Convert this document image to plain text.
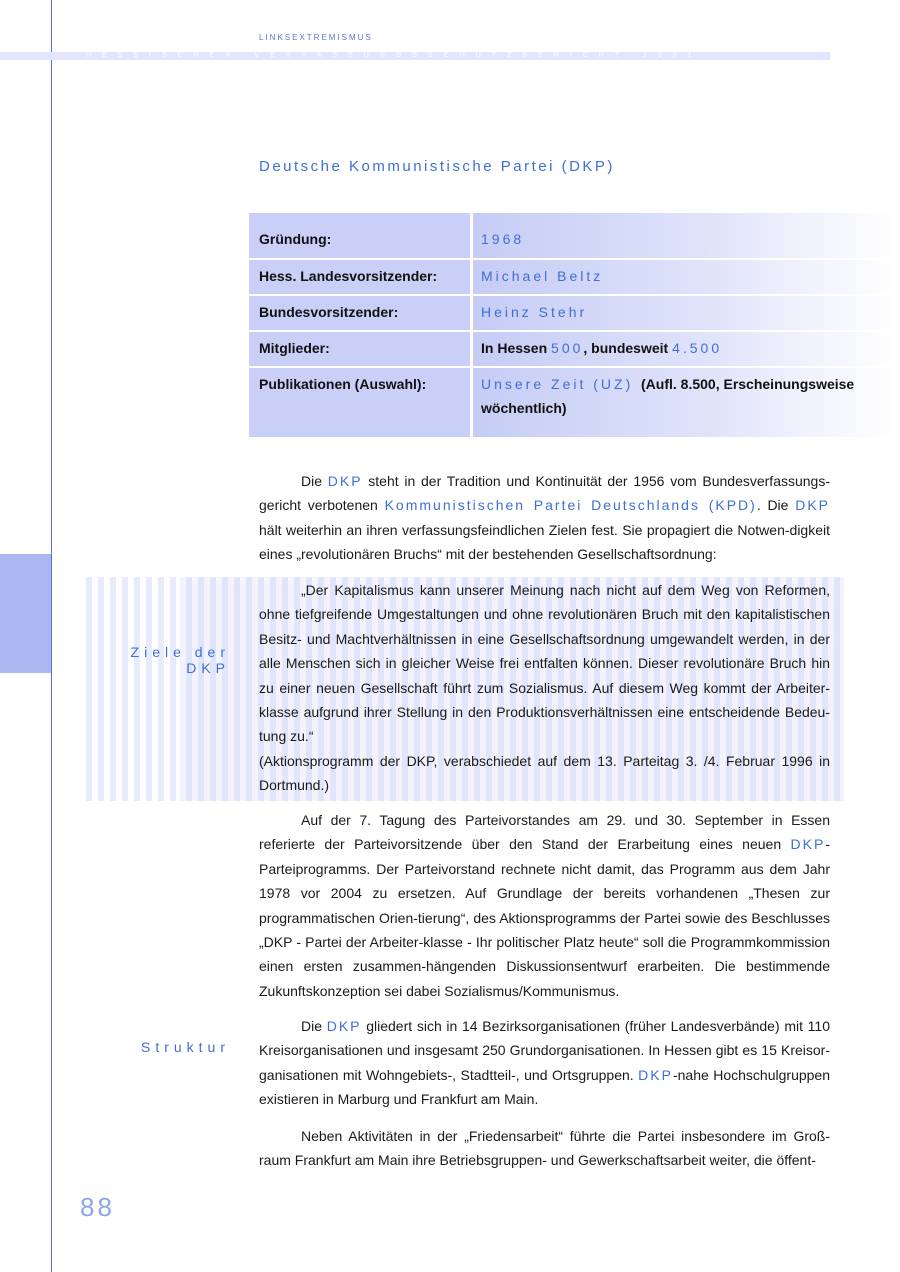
LINKSEXTREMISMUS
HESSISCHER VERFASSUNGSSCHUTZBERICHT 2001
Deutsche Kommunistische Partei (DKP)
Gründung:	1968
Hess. Landesvorsitzender:	Michael Beltz
Bundesvorsitzender:	Heinz Stehr
Mitglieder:	In Hessen 500, bundesweit 4.500
Publikationen (Auswahl):	Unsere Zeit (UZ) (Aufl. 8.500, Erscheinungsweise wöchentlich)
Die DKP steht in der Tradition und Kontinuität der 1956 vom Bundesverfassungs-gericht verbotenen Kommunistischen Partei Deutschlands (KPD). Die DKP hält weiterhin an ihren verfassungsfeindlichen Zielen fest. Sie propagiert die Notwen-digkeit eines „revolutionären Bruchs“ mit der bestehenden Gesellschaftsordnung:
Ziele der DKP
„Der Kapitalismus kann unserer Meinung nach nicht auf dem Weg von Reformen, ohne tiefgreifende Umgestaltungen und ohne revolutionären Bruch mit den kapitalistischen Besitz- und Machtverhältnissen in eine Gesellschaftsordnung umgewandelt werden, in der alle Menschen sich in gleicher Weise frei entfalten können. Dieser revolutionäre Bruch hin zu einer neuen Gesellschaft führt zum Sozialismus. Auf diesem Weg kommt der Arbeiter-klasse aufgrund ihrer Stellung in den Produktionsverhältnissen eine entscheidende Bedeu-tung zu.“
(Aktionsprogramm der DKP, verabschiedet auf dem 13. Parteitag 3. /4. Februar 1996 in Dortmund.)
Auf der 7. Tagung des Parteivorstandes am 29. und 30. September in Essen referierte der Parteivorsitzende über den Stand der Erarbeitung eines neuen DKP-Parteiprogramms. Der Parteivorstand rechnete nicht damit, das Programm aus dem Jahr 1978 vor 2004 zu ersetzen. Auf Grundlage der bereits vorhandenen „Thesen zur programmatischen Orien-tierung“, des Aktionsprogramms der Partei sowie des Beschlusses „DKP - Partei der Arbeiter-klasse - Ihr politischer Platz heute“ soll die Programmkommission einen ersten zusammen-hängenden Diskussionsentwurf erarbeiten. Die bestimmende Zukunftskonzeption sei dabei Sozialismus/Kommunismus.
Struktur
Die DKP gliedert sich in 14 Bezirksorganisationen (früher Landesverbände) mit 110 Kreisorganisationen und insgesamt 250 Grundorganisationen. In Hessen gibt es 15 Kreisor-ganisationen mit Wohngebiets-, Stadtteil-, und Ortsgruppen. DKP-nahe Hochschulgruppen existieren in Marburg und Frankfurt am Main.
Neben Aktivitäten in der „Friedensarbeit“ führte die Partei insbesondere im Groß-raum Frankfurt am Main ihre Betriebsgruppen- und Gewerkschaftsarbeit weiter, die öffent-
88
